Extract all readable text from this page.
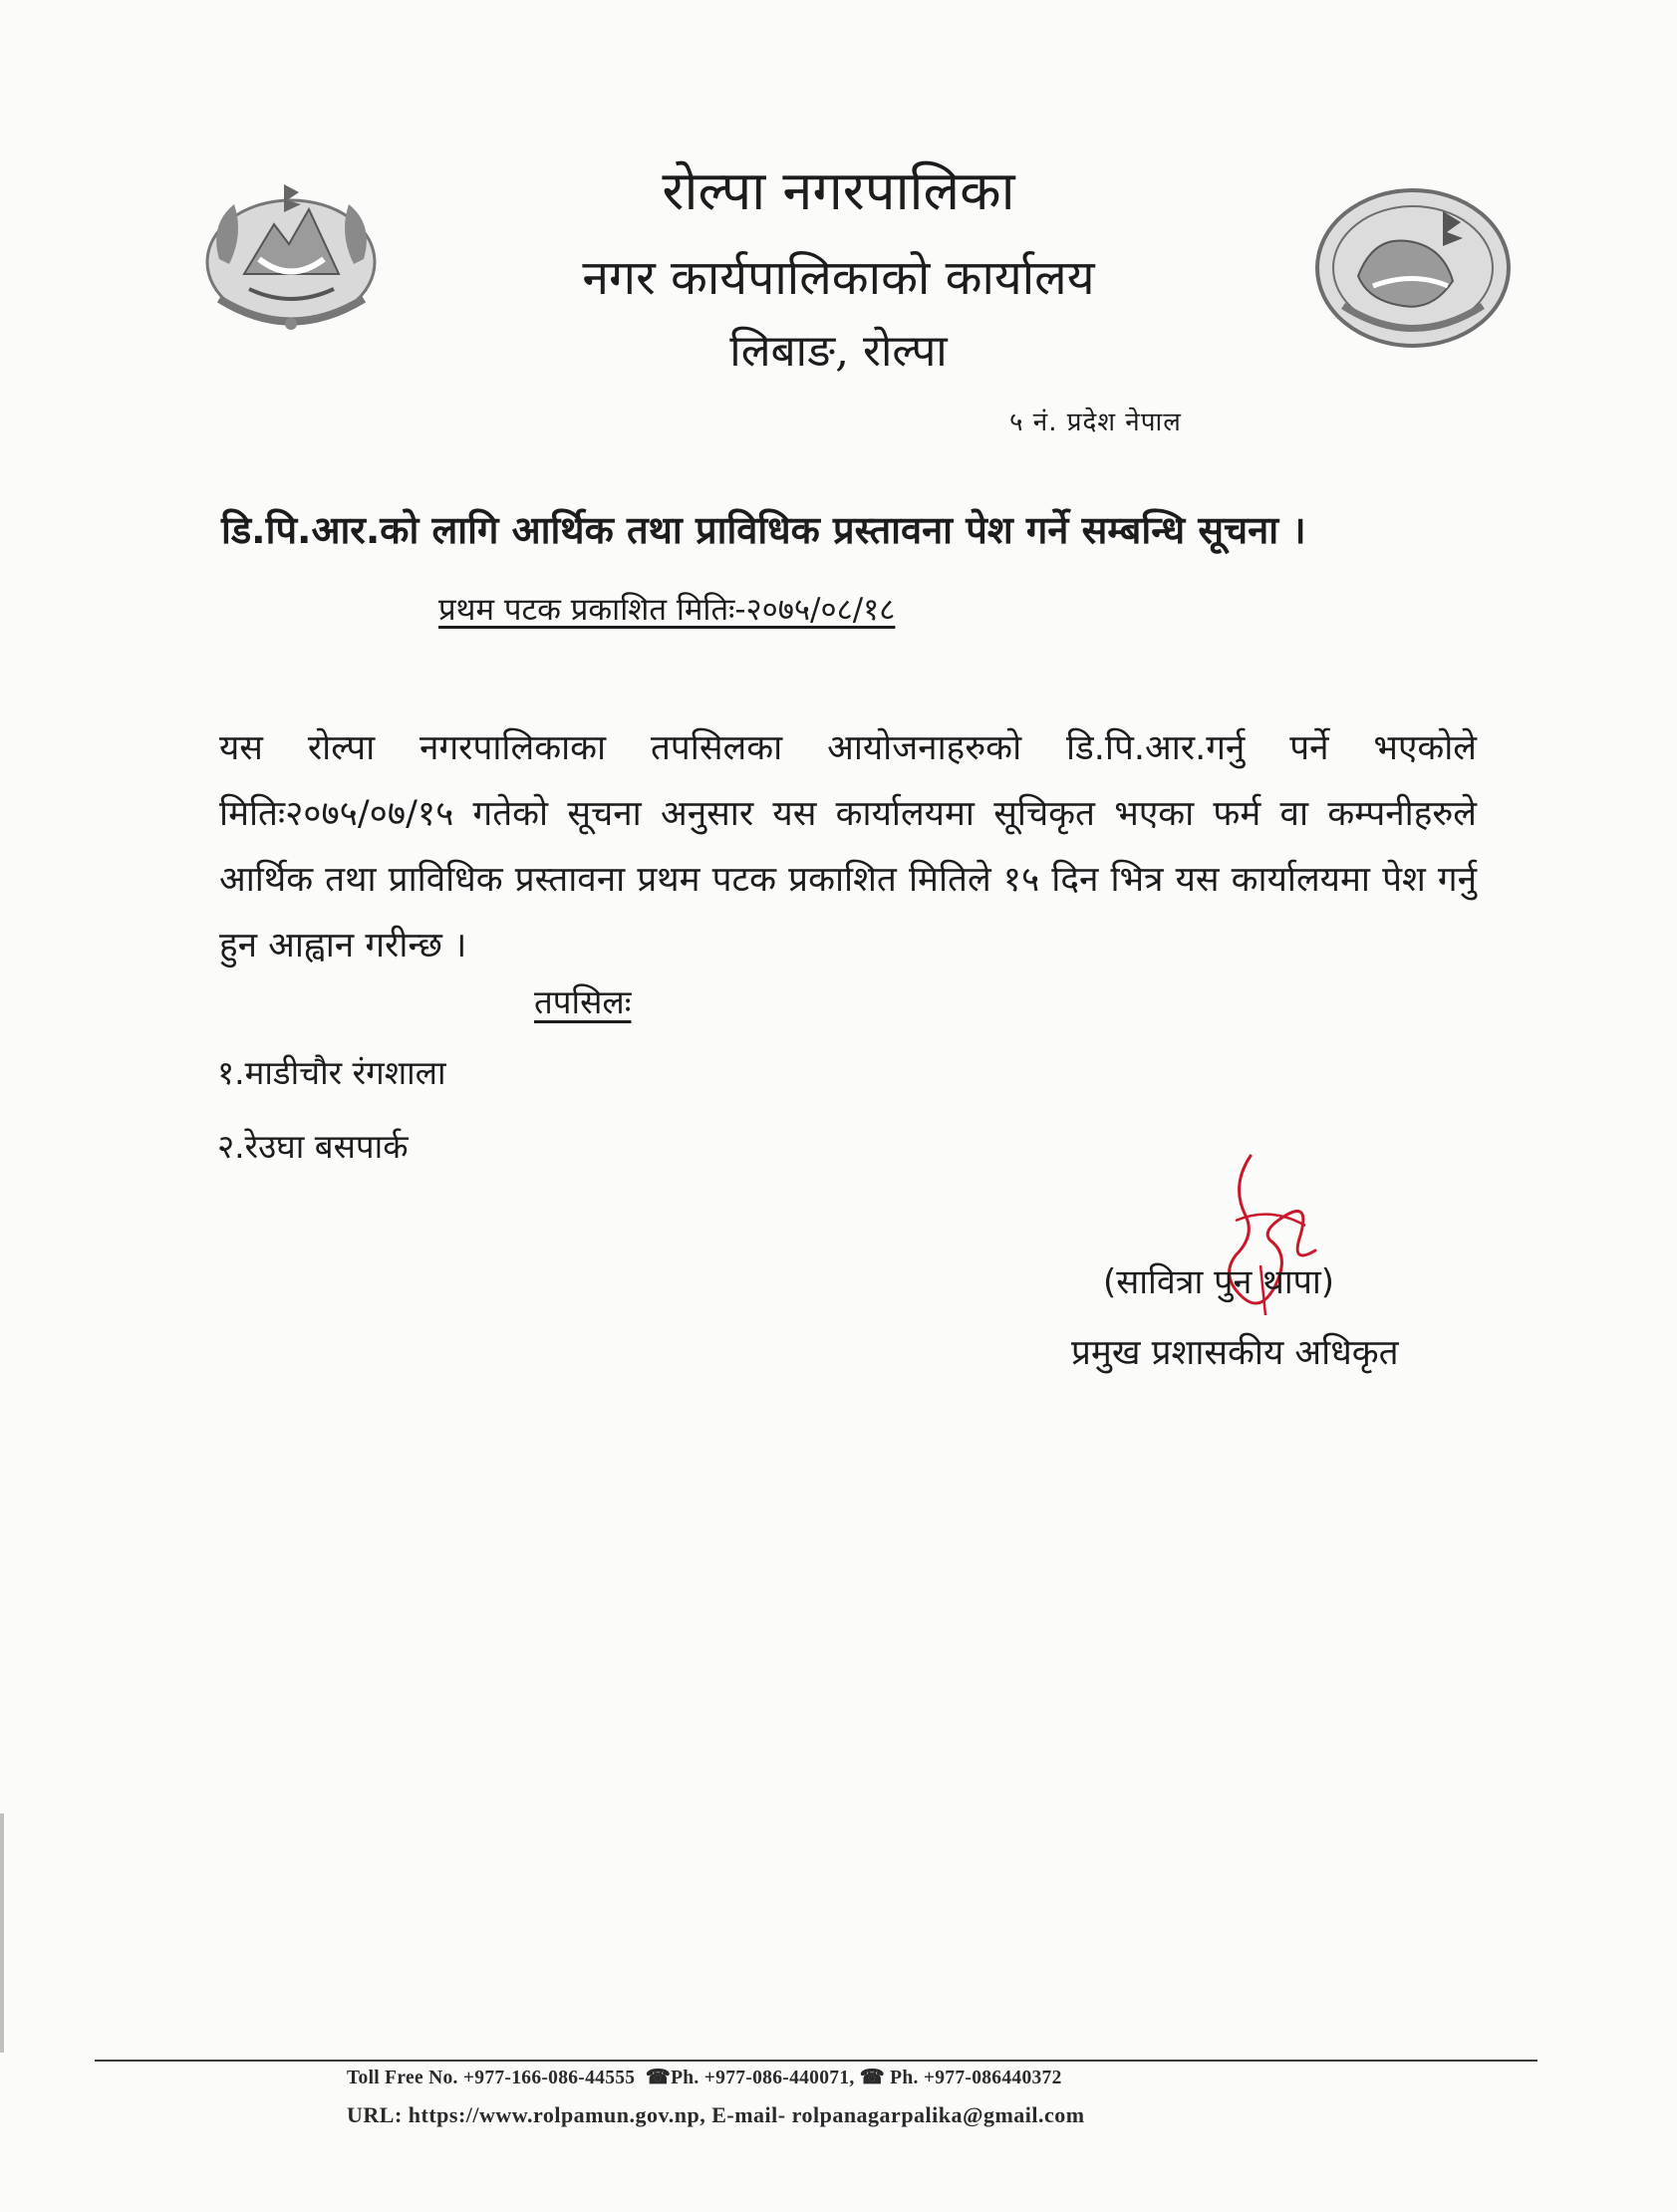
रोल्पा नगरपालिका
नगर कार्यपालिकाको कार्यालय
लिबाङ, रोल्पा
५ नं. प्रदेश नेपाल
डि.पि.आर.को लागि आर्थिक तथा प्राविधिक प्रस्तावना पेश गर्ने सम्बन्धि सूचना ।
प्रथम पटक प्रकाशित मितिः-२०७५/०८/१८
यस रोल्पा नगरपालिकाका तपसिलका आयोजनाहरुको डि.पि.आर.गर्नु पर्ने भएकोले मितिः२०७५/०७/१५ गतेको सूचना अनुसार यस कार्यालयमा सूचिकृत भएका फर्म वा कम्पनीहरुले आर्थिक तथा प्राविधिक प्रस्तावना प्रथम पटक प्रकाशित मितिले १५ दिन भित्र यस कार्यालयमा पेश गर्नु हुन आह्वान गरीन्छ ।
तपसिलः
१.माडीचौर रंगशाला
२.रेउघा बसपार्क
(सावित्रा पुन थापा)
प्रमुख प्रशासकीय अधिकृत
Toll Free No. +977-166-086-44555  ☎Ph. +977-086-440071, ☎ Ph. +977-086440372
URL: https://www.rolpamun.gov.np, E-mail- rolpanagarpalika@gmail.com
